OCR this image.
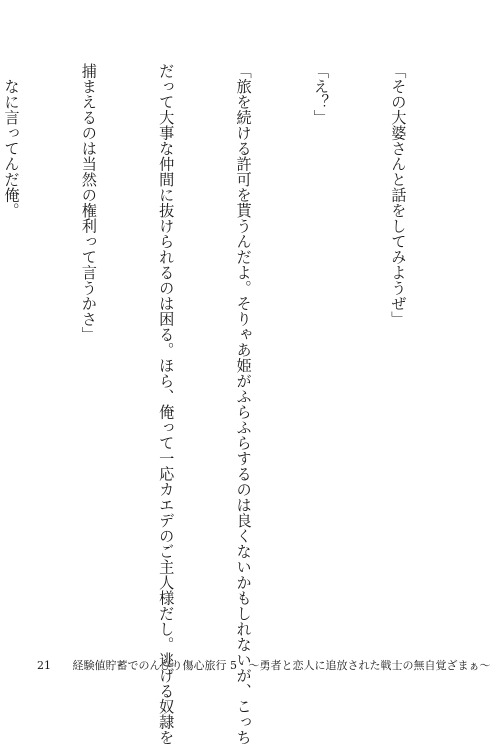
「その大婆さんと話をしてみようぜ」

「え？」

「旅を続ける許可を貰うんだよ。そりゃあ姫がふらふらするのは良くないかもしれないが、こっち

だって大事な仲間に抜けられるのは困る。ほら、俺って一応カエデのご主人様だし。逃げる奴隷を

捕まえるのは当然の権利って言うかさ」

　なに言ってんだ俺。

21 経験値貯蓄でのんびり傷心旅行 5 ～勇者と恋人に追放された戦士の無自覚ざまぁ～
